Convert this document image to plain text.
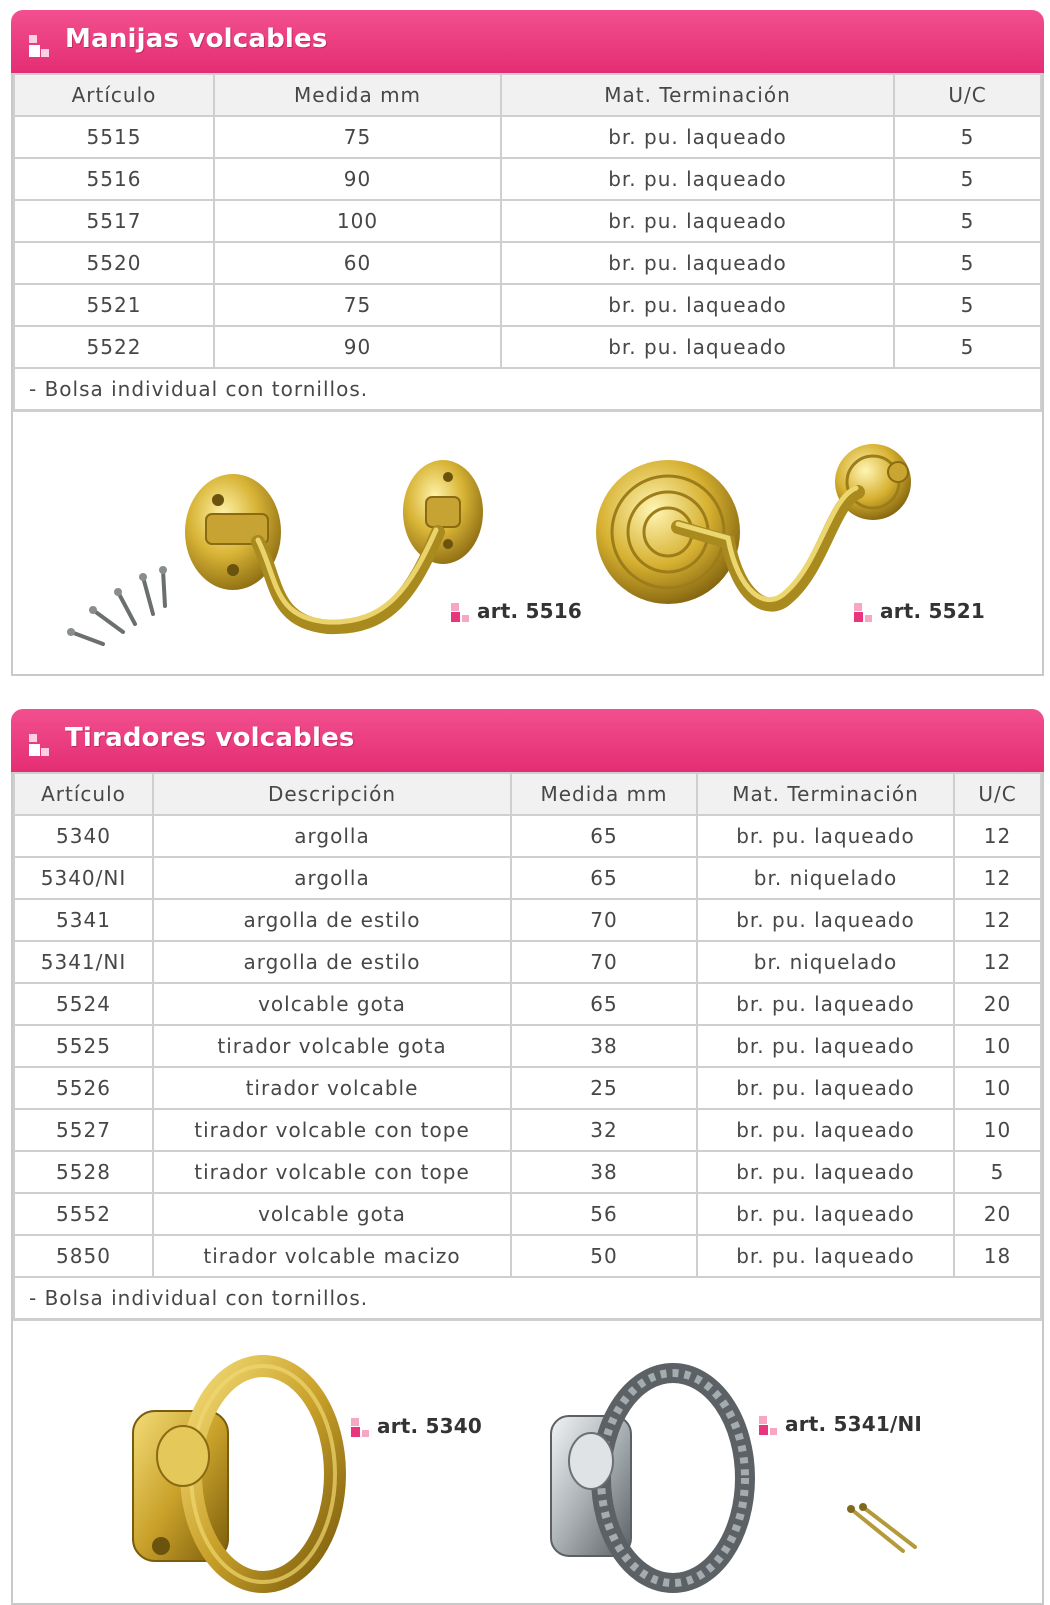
Manijas volcables
Artículo	Medida mm	Mat. Terminación	U/C
5515	75	br. pu. laqueado	5
5516	90	br. pu. laqueado	5
5517	100	br. pu. laqueado	5
5520	60	br. pu. laqueado	5
5521	75	br. pu. laqueado	5
5522	90	br. pu. laqueado	5
- Bolsa individual con tornillos.			
art. 5516	art. 5521
Tiradores volcables
Artículo	Descripción	Medida mm	Mat. Terminación	U/C
5340	argolla	65	br. pu. laqueado	12
5340/NI	argolla	65	br. niquelado	12
5341	argolla de estilo	70	br. pu. laqueado	12
5341/NI	argolla de estilo	70	br. niquelado	12
5524	volcable gota	65	br. pu. laqueado	20
5525	tirador volcable gota	38	br. pu. laqueado	10
5526	tirador volcable	25	br. pu. laqueado	10
5527	tirador volcable con tope	32	br. pu. laqueado	10
5528	tirador volcable con tope	38	br. pu. laqueado	5
5552	volcable gota	56	br. pu. laqueado	20
5850	tirador volcable macizo	50	br. pu. laqueado	18
- Bolsa individual con tornillos.				
art. 5340	art. 5341/NI
